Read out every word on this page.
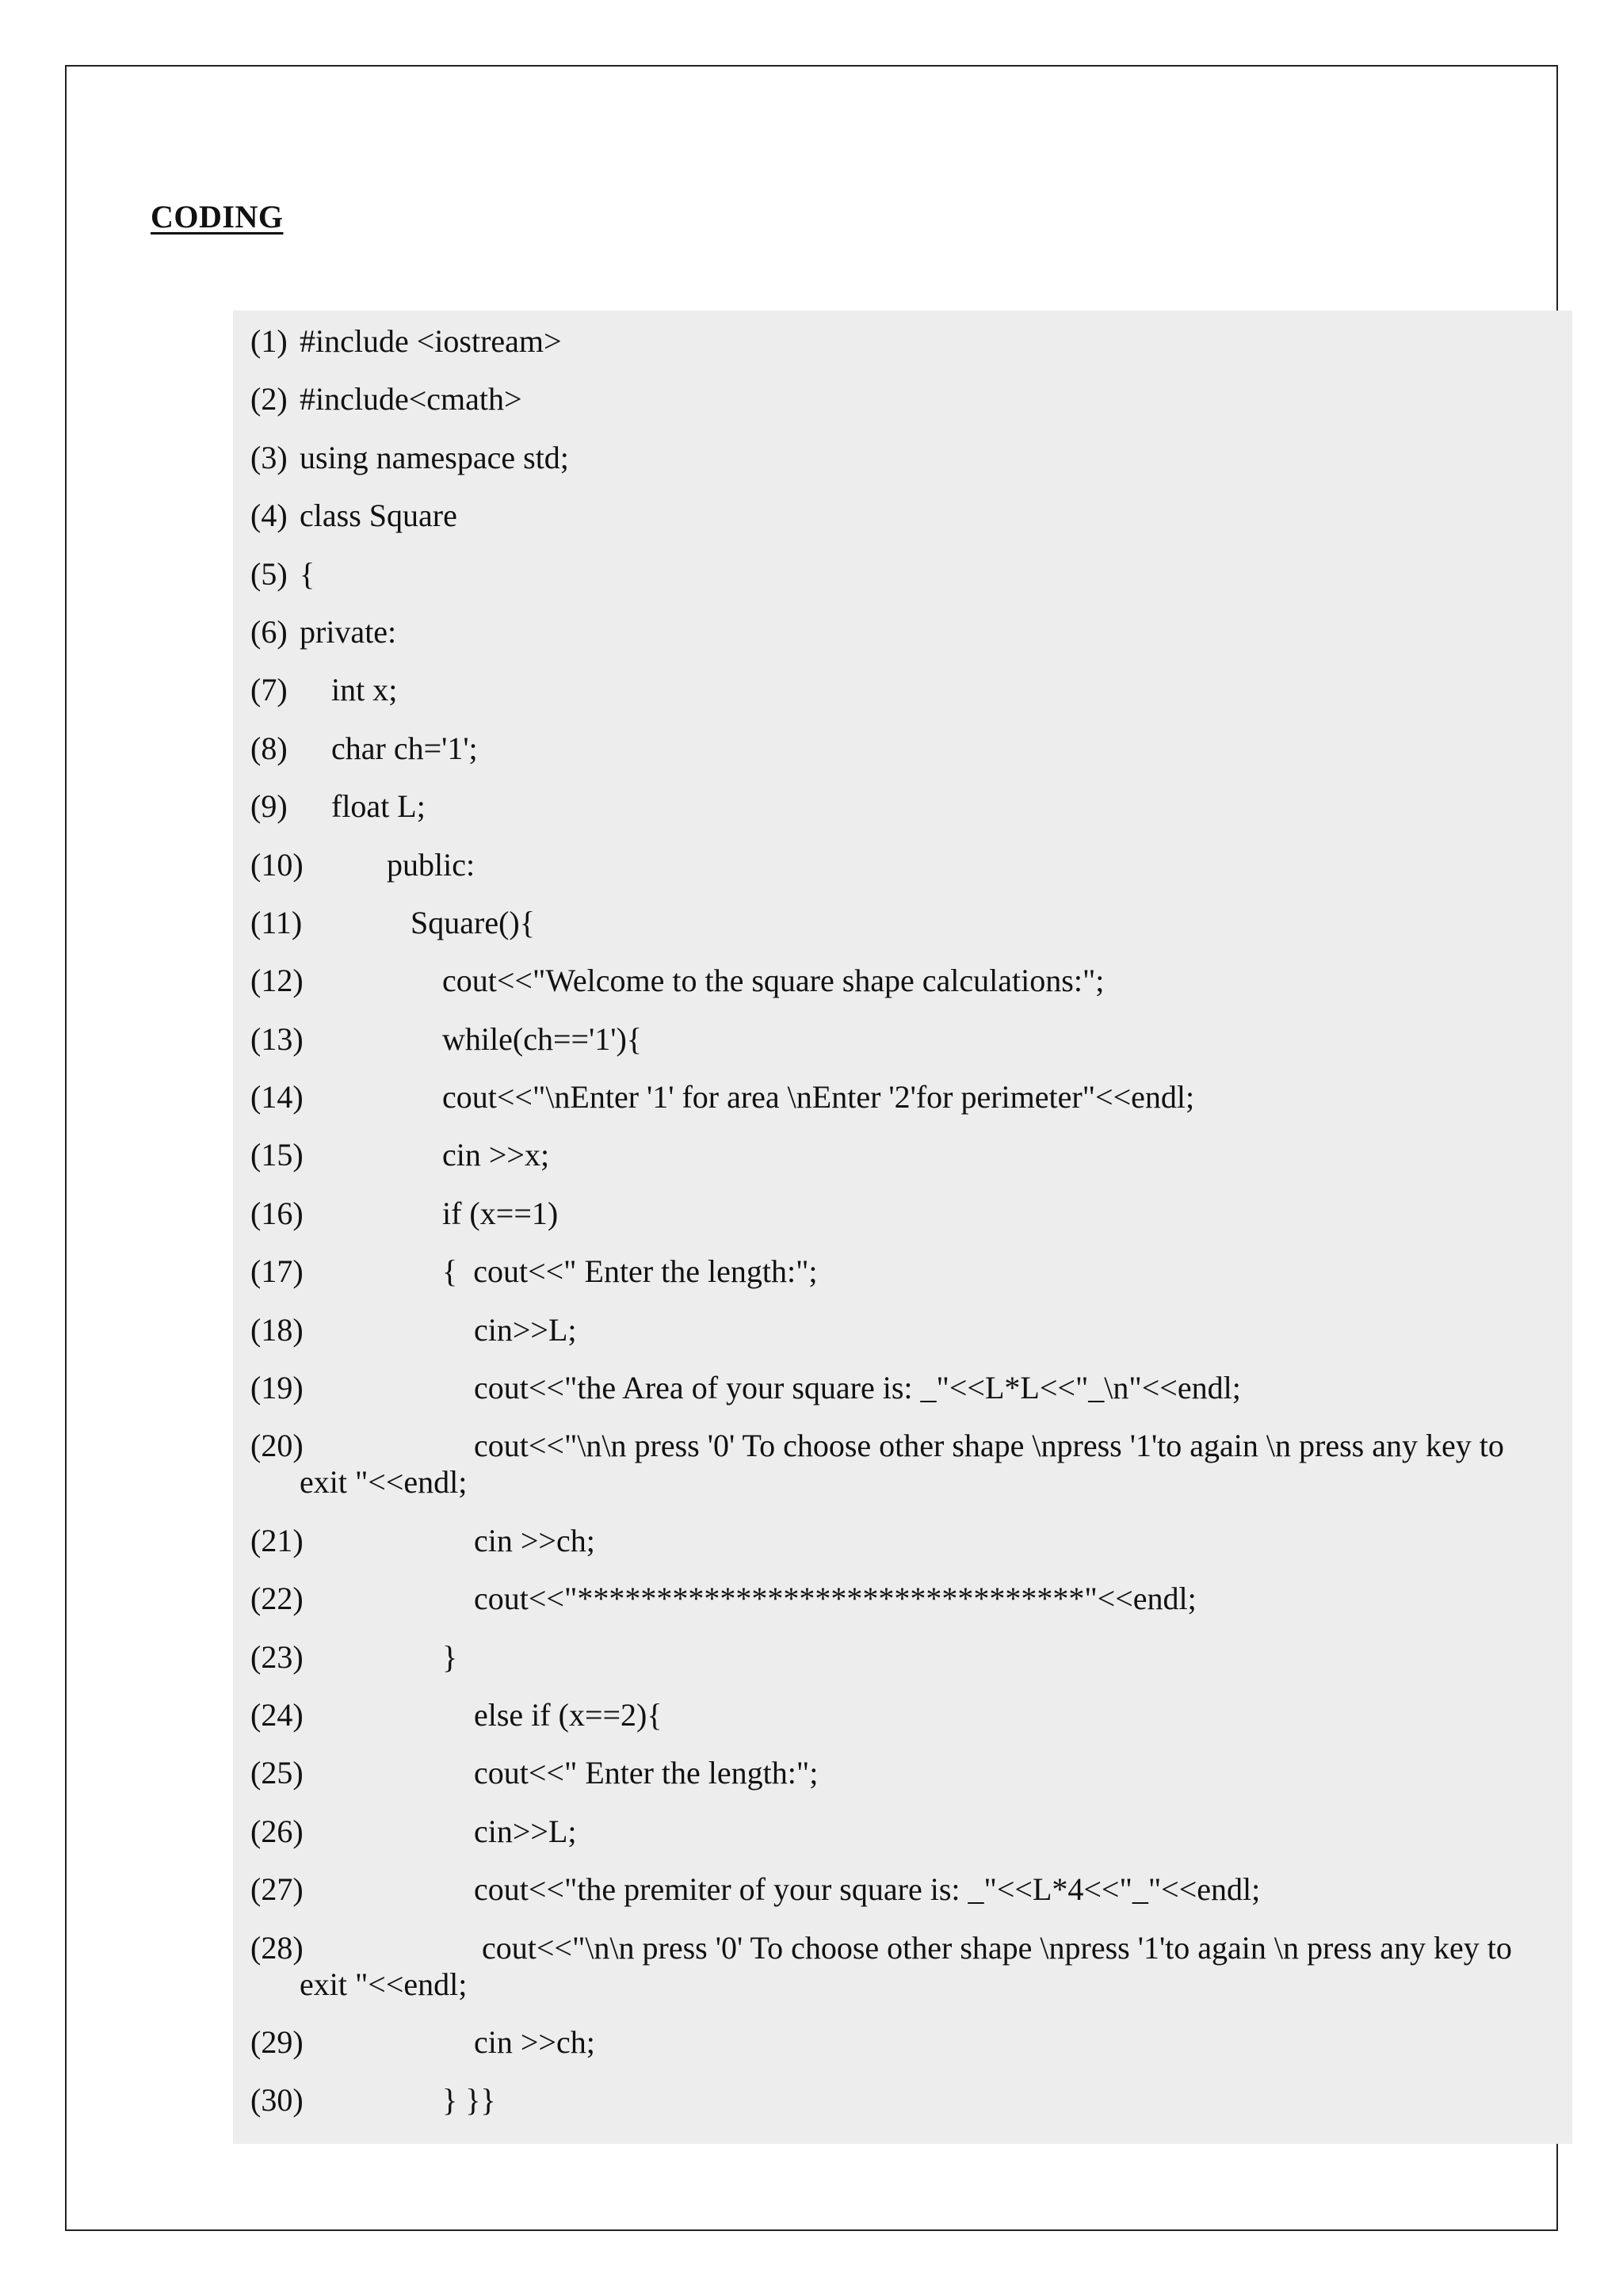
CODING
(1) #include <iostream>
(2) #include<cmath>
(3) using namespace std;
(4) class Square
(5) {
(6) private:
(7) int x;
(8) char ch='1';
(9) float L;
(10)
public:
(11)
Square(){
(12)
cout<<"Welcome to the square shape calculations:";
(13)
while(ch=='1'){
(14)
cout<<"\nEnter '1' for area \nEnter '2'for perimeter"<<endl;
(15)
cin >>x;
(16)
if (x==1)
(17)
{  cout<<" Enter the length:";
(18)
cin>>L;
(19)
cout<<"the Area of your square is: _"<<L*L<<"_\n"<<endl;
(20)
cout<<"\n\n press '0' To choose other shape \npress '1'to again \n press any key to exit "<<endl;
(21)
cin >>ch;
(22)
cout<<"********************************"<<endl;
(23)
}
(24)
else if (x==2){
(25)
cout<<" Enter the length:";
(26)
cin>>L;
(27)
cout<<"the premiter of your square is: _"<<L*4<<"_"<<endl;
(28)
cout<<"\n\n press '0' To choose other shape \npress '1'to again \n press any key to exit "<<endl;
(29)
cin >>ch;
(30)
} }}
